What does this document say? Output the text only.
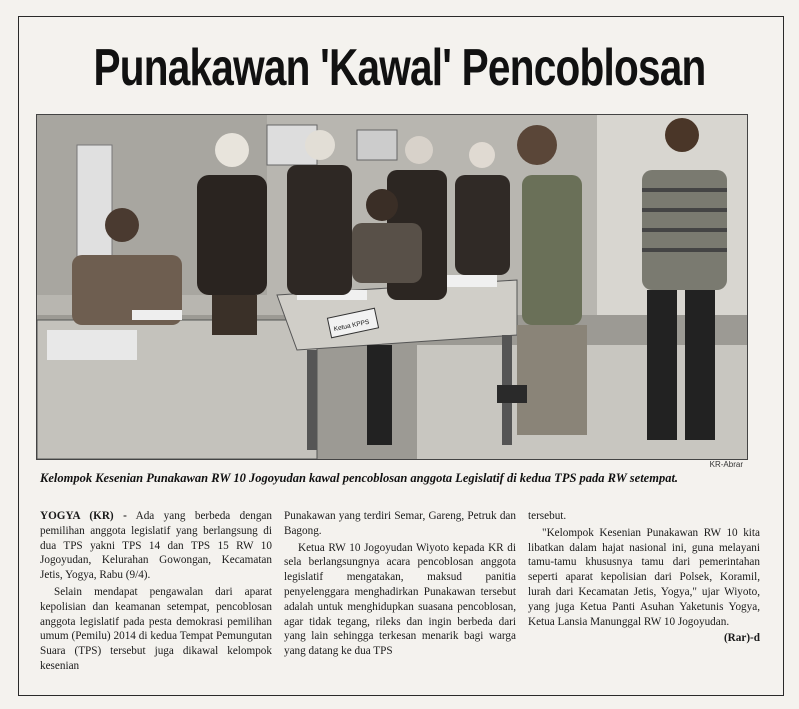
Punakawan 'Kawal' Pencoblosan
Ketua KPPS
KR-Abrar
Kelompok Kesenian Punakawan RW 10 Jogoyudan kawal pencoblosan anggota Legislatif di kedua TPS pada RW setempat.

YOGYA (KR) - Ada yang berbeda dengan pemilihan anggota legislatif yang berlangsung di dua TPS yakni TPS 14 dan TPS 15 RW 10 Jogoyudan, Kelurahan Gowongan, Kecamatan Jetis, Yogya, Rabu (9/4).

Selain mendapat pengawalan dari aparat kepolisian dan keamanan setempat, pencoblosan anggota legislatif pada pesta demokrasi pemilihan umum (Pemilu) 2014 di kedua Tempat Pemungutan Suara (TPS) tersebut juga dikawal kelompok kesenian

Punakawan yang terdiri Semar, Gareng, Petruk dan Bagong.

Ketua RW 10 Jogoyudan Wiyoto kepada KR di sela berlangsungnya acara pencoblosan anggota legislatif mengatakan, maksud panitia penyelenggara menghadirkan Punakawan tersebut adalah untuk menghidupkan suasana pencoblosan, agar tidak tegang, rileks dan ingin berbeda dari yang lain sehingga terkesan menarik bagi warga yang datang ke dua TPS

tersebut.

"Kelompok Kesenian Punakawan RW 10 kita libatkan dalam hajat nasional ini, guna melayani tamu-tamu khususnya tamu dari pemerintahan seperti aparat kepolisian dari Polsek, Koramil, lurah dari Kecamatan Jetis, Yogya," ujar Wiyoto, yang juga Ketua Panti Asuhan Yaketunis Yogya, Ketua Lansia Manunggal RW 10 Jogoyudan.

(Rar)-d
